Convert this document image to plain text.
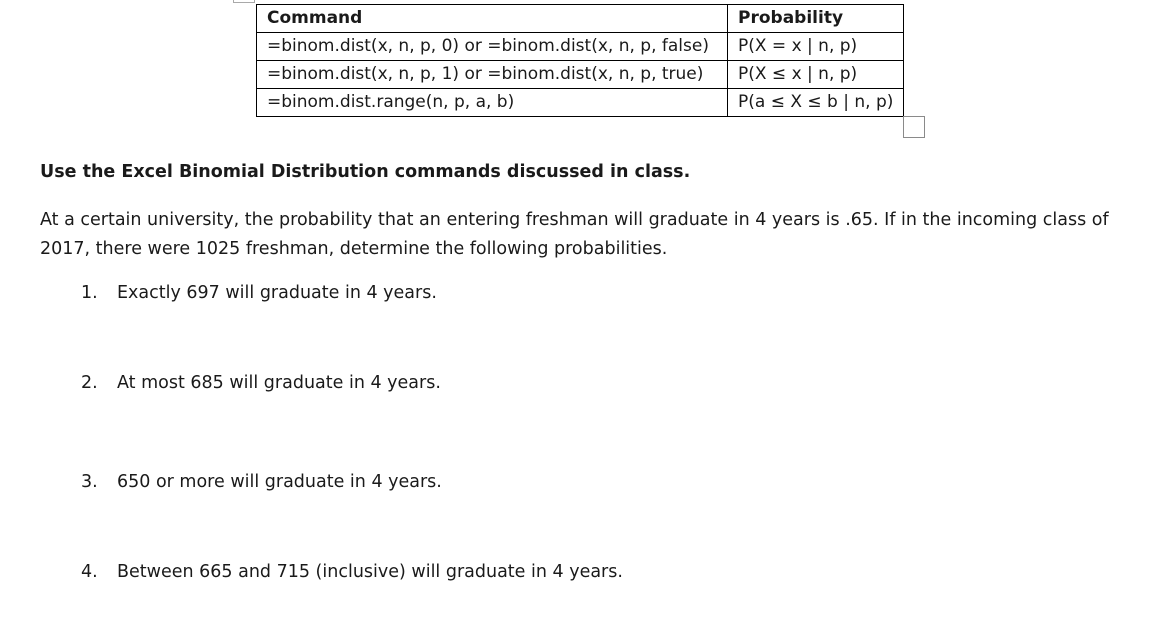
Command	Probability
=binom.dist(x, n, p, 0) or =binom.dist(x, n, p, false)	P(X = x | n, p)
=binom.dist(x, n, p, 1) or =binom.dist(x, n, p, true)	P(X ≤ x | n, p)
=binom.dist.range(n, p, a, b)	P(a ≤ X ≤ b | n, p)
Use the Excel Binomial Distribution commands discussed in class.

At a certain university, the probability that an entering freshman will graduate in 4 years is .65. If in the incoming class of

2017, there were 1025 freshman, determine the following probabilities.

1. Exactly 697 will graduate in 4 years.
2. At most 685 will graduate in 4 years.
3. 650 or more will graduate in 4 years.
4. Between 665 and 715 (inclusive) will graduate in 4 years.
